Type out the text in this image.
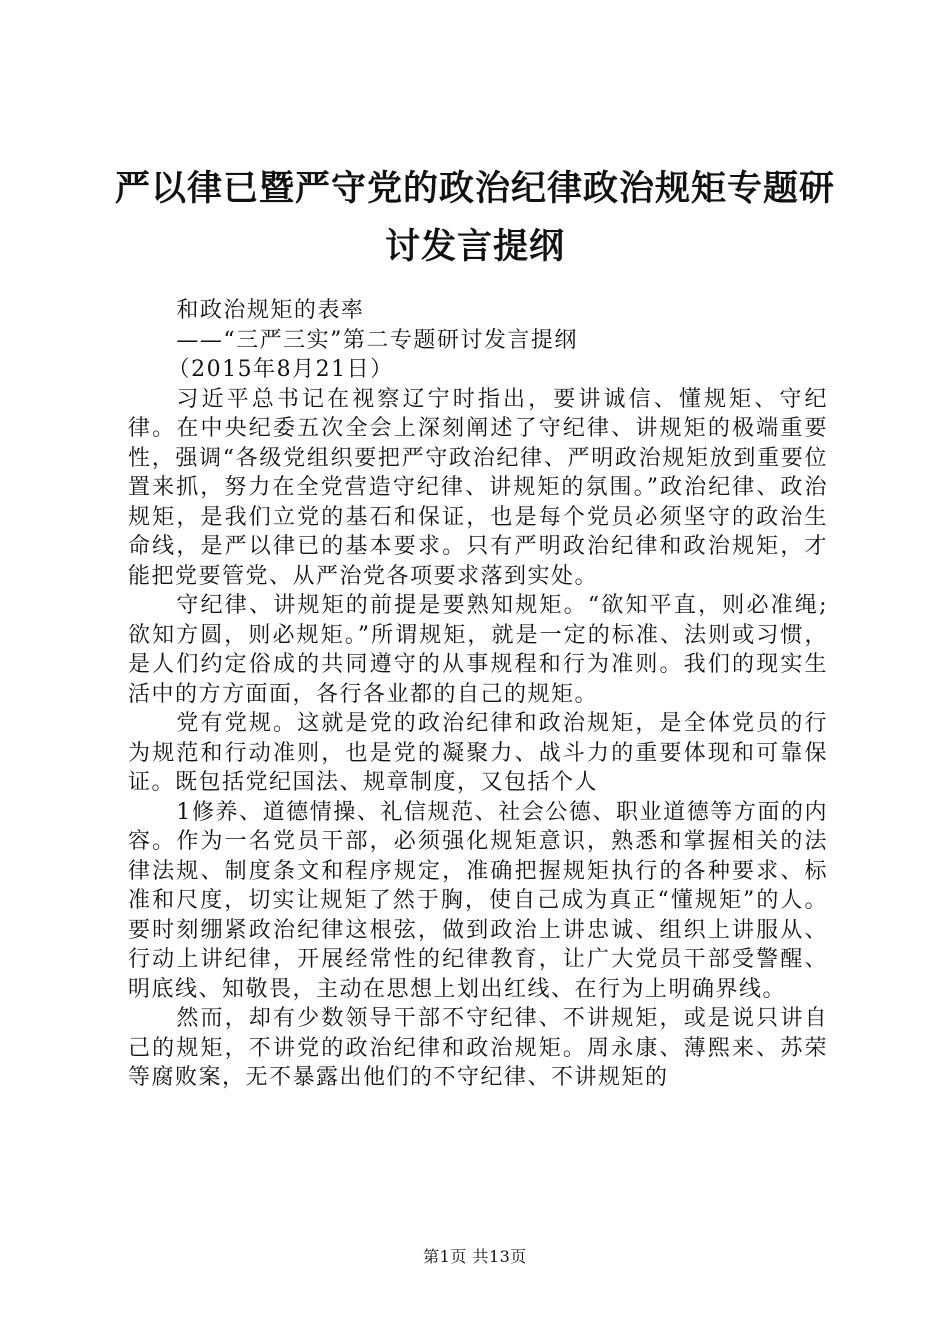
严以律已暨严守党的政治纪律政治规矩专题研
讨发言提纲

和政治规矩的表率

——“三严三实”第二专题研讨发言提纲

（2015年8月21日）

习近平总书记在视察辽宁时指出，要讲诚信、懂规矩、守纪律。在中央纪委五次全会上深刻阐述了守纪律、讲规矩的极端重要性，强调“各级党组织要把严守政治纪律、严明政治规矩放到重要位置来抓，努力在全党营造守纪律、讲规矩的氛围。”政治纪律、政治规矩，是我们立党的基石和保证，也是每个党员必须坚守的政治生命线，是严以律已的基本要求。只有严明政治纪律和政治规矩，才能把党要管党、从严治党各项要求落到实处。

守纪律、讲规矩的前提是要熟知规矩。“欲知平直，则必准绳;欲知方圆，则必规矩。”所谓规矩，就是一定的标准、法则或习惯，是人们约定俗成的共同遵守的从事规程和行为准则。我们的现实生活中的方方面面，各行各业都的自己的规矩。

党有党规。这就是党的政治纪律和政治规矩，是全体党员的行为规范和行动准则，也是党的凝聚力、战斗力的重要体现和可靠保证。既包括党纪国法、规章制度，又包括个人

1修养、道德情操、礼信规范、社会公德、职业道德等方面的内容。作为一名党员干部，必须强化规矩意识，熟悉和掌握相关的法律法规、制度条文和程序规定，准确把握规矩执行的各种要求、标准和尺度，切实让规矩了然于胸，使自己成为真正“懂规矩”的人。要时刻绷紧政治纪律这根弦，做到政治上讲忠诚、组织上讲服从、行动上讲纪律，开展经常性的纪律教育，让广大党员干部受警醒、明底线、知敬畏，主动在思想上划出红线、在行为上明确界线。

然而，却有少数领导干部不守纪律、不讲规矩，或是说只讲自己的规矩，不讲党的政治纪律和政治规矩。周永康、薄熙来、苏荣等腐败案，无不暴露出他们的不守纪律、不讲规矩的

第1页 共13页
